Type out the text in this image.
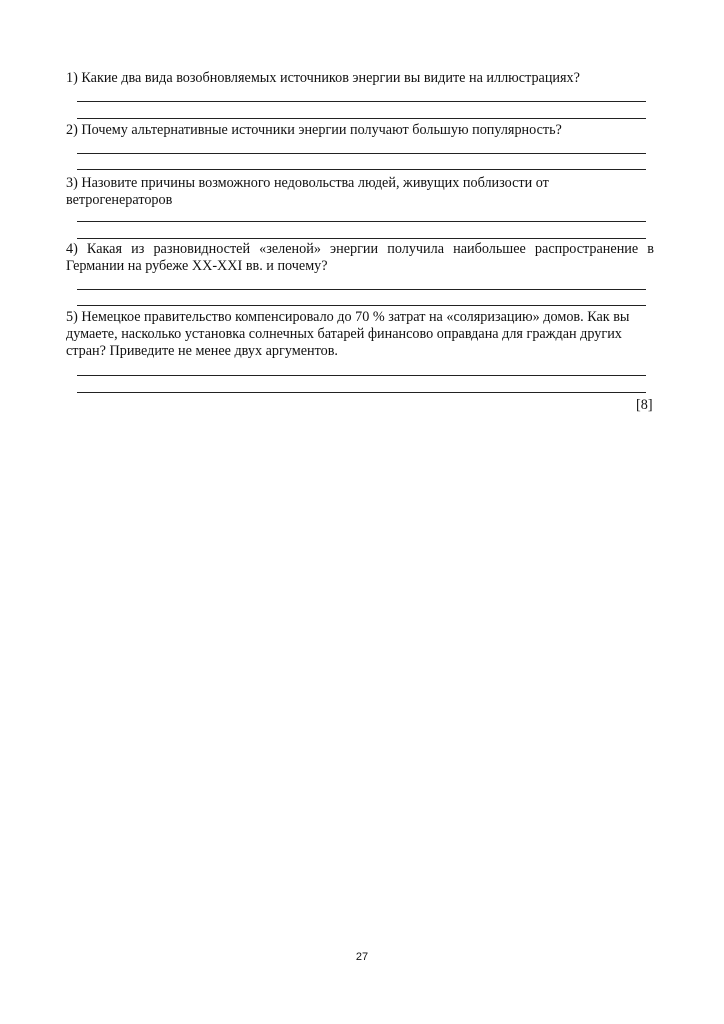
1) Какие два вида возобновляемых источников энергии вы видите на иллюстрациях?

2) Почему альтернативные источники энергии получают большую популярность?

3) Назовите причины возможного недовольства людей, живущих поблизости от ветрогенераторов

4) Какая из разновидностей «зеленой» энергии получила наибольшее распространение в Германии на рубеже XX-XXI вв. и почему?

5) Немецкое правительство компенсировало до 70 % затрат на «соляризацию» домов. Как вы думаете, насколько установка солнечных батарей финансово оправдана для граждан других стран? Приведите не менее двух аргументов.

[8]
27
